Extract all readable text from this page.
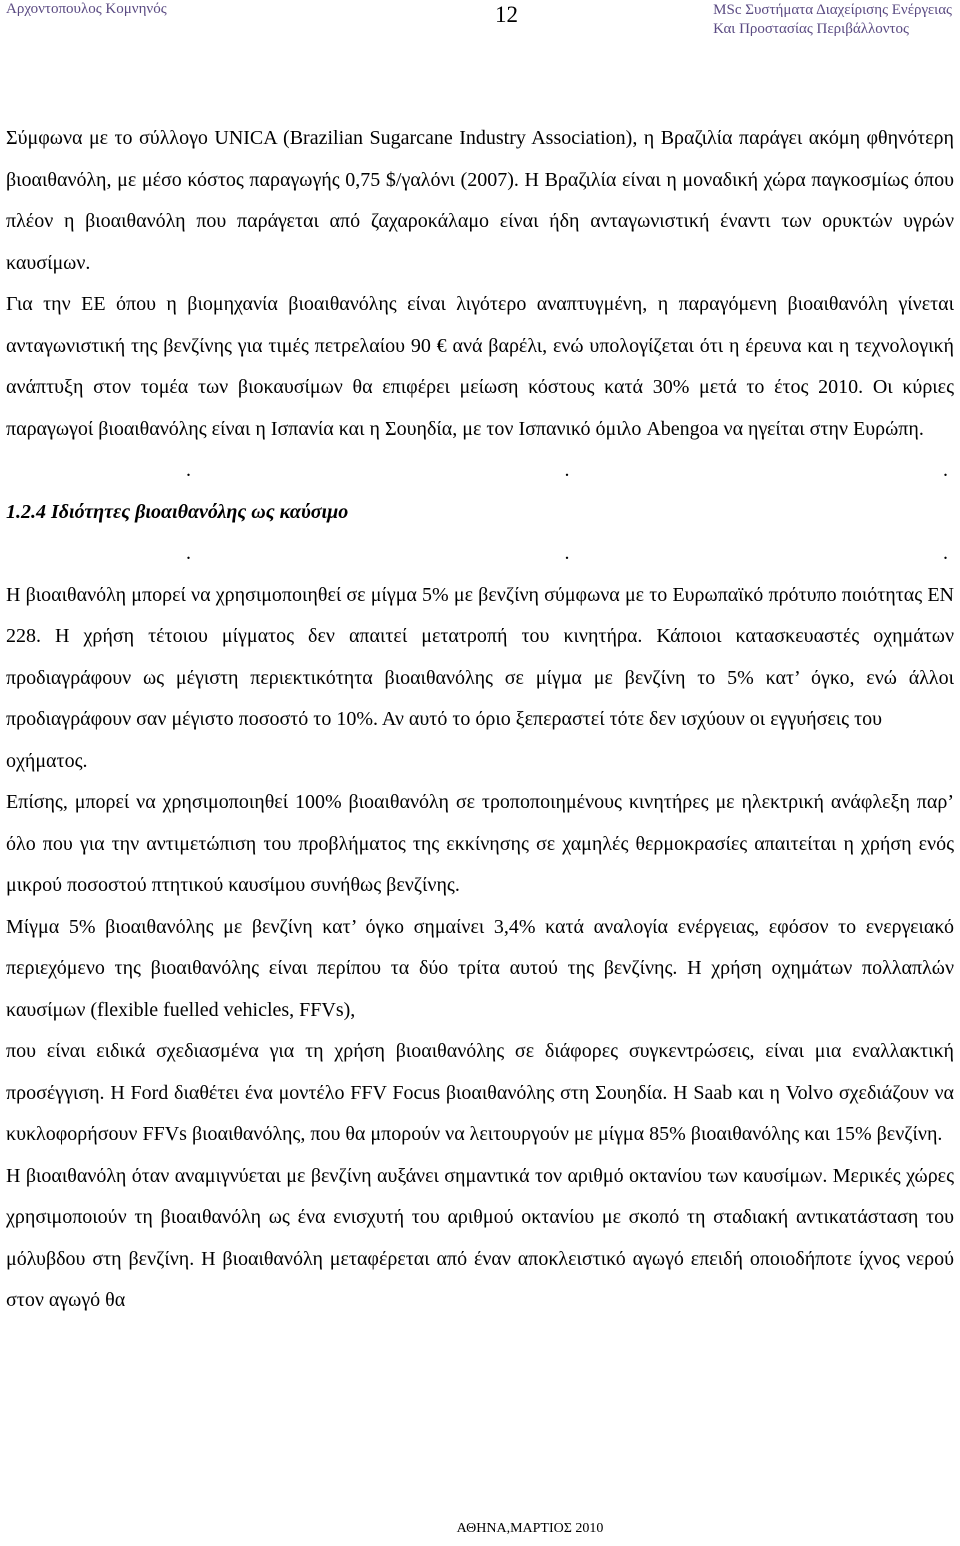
Αρχοντοπουλος Κομνηνός	12	MSc Συστήματα Διαχείρισης Ενέργειας
Και Προστασίας Περιβάλλοντος

Σύμφωνα με το σύλλογο UNICA (Brazilian Sugarcane Industry Association), η Βραζιλία παράγει ακόμη φθηνότερη βιοαιθανόλη, με μέσο κόστος παραγωγής 0,75 $/γαλόνι (2007). Η Βραζιλία είναι η μοναδική χώρα παγκοσμίως όπου πλέον η βιοαιθανόλη που παράγεται από ζαχαροκάλαμο είναι ήδη ανταγωνιστική έναντι των ορυκτών υγρών καυσίμων.

Για την ΕΕ όπου η βιομηχανία βιοαιθανόλης είναι λιγότερο αναπτυγμένη, η παραγόμενη βιοαιθανόλη γίνεται ανταγωνιστική της βενζίνης για τιμές πετρελαίου 90 € ανά βαρέλι, ενώ υπολογίζεται ότι η έρευνα και η τεχνολογική ανάπτυξη στον τομέα των βιοκαυσίμων θα επιφέρει μείωση κόστους κατά 30% μετά το έτος 2010. Οι κύριες παραγωγοί βιοαιθανόλης είναι η Ισπανία και η Σουηδία, με τον Ισπανικό όμιλο Abengoa να ηγείται στην Ευρώπη.

.	.	.

1.2.4 Ιδιότητες βιοαιθανόλης ως καύσιμο

.	.	.

Η βιοαιθανόλη μπορεί να χρησιμοποιηθεί σε μίγμα 5% με βενζίνη σύμφωνα με το Ευρωπαϊκό πρότυπο ποιότητας EN 228. Η χρήση τέτοιου μίγματος δεν απαιτεί μετατροπή του κινητήρα. Κάποιοι κατασκευαστές οχημάτων προδιαγράφουν ως μέγιστη περιεκτικότητα βιοαιθανόλης σε μίγμα με βενζίνη το 5% κατ’ όγκο, ενώ άλλοι προδιαγράφουν σαν μέγιστο ποσοστό το 10%. Αν αυτό το όριο ξεπεραστεί τότε δεν ισχύουν οι εγγυήσεις του

οχήματος.

Επίσης, μπορεί να χρησιμοποιηθεί 100% βιοαιθανόλη σε τροποποιημένους κινητήρες με ηλεκτρική ανάφλεξη παρ’ όλο που για την αντιμετώπιση του προβλήματος της εκκίνησης σε χαμηλές θερμοκρασίες απαιτείται η χρήση ενός μικρού ποσοστού πτητικού καυσίμου συνήθως βενζίνης.

Μίγμα 5% βιοαιθανόλης με βενζίνη κατ’ όγκο σημαίνει 3,4% κατά αναλογία ενέργειας, εφόσον το ενεργειακό περιεχόμενο της βιοαιθανόλης είναι περίπου τα δύο τρίτα αυτού της βενζίνης. Η χρήση οχημάτων πολλαπλών καυσίμων (flexible fuelled vehicles, FFVs),

που είναι ειδικά σχεδιασμένα για τη χρήση βιοαιθανόλης σε διάφορες συγκεντρώσεις, είναι μια εναλλακτική προσέγγιση. Η Ford διαθέτει ένα μοντέλο FFV Focus βιοαιθανόλης στη Σουηδία. Η Saab και η Volvo σχεδιάζουν να κυκλοφορήσουν FFVs βιοαιθανόλης, που θα μπορούν να λειτουργούν με μίγμα 85% βιοαιθανόλης και 15% βενζίνη.

Η βιοαιθανόλη όταν αναμιγνύεται με βενζίνη αυξάνει σημαντικά τον αριθμό οκτανίου των καυσίμων. Μερικές χώρες χρησιμοποιούν τη βιοαιθανόλη ως ένα ενισχυτή του αριθμού οκτανίου με σκοπό τη σταδιακή αντικατάσταση του μόλυβδου στη βενζίνη. Η βιοαιθανόλη μεταφέρεται από έναν αποκλειστικό αγωγό επειδή οποιοδήποτε ίχνος νερού στον αγωγό θα

ΑΘΗΝΑ,ΜΑΡΤΙΟΣ 2010
